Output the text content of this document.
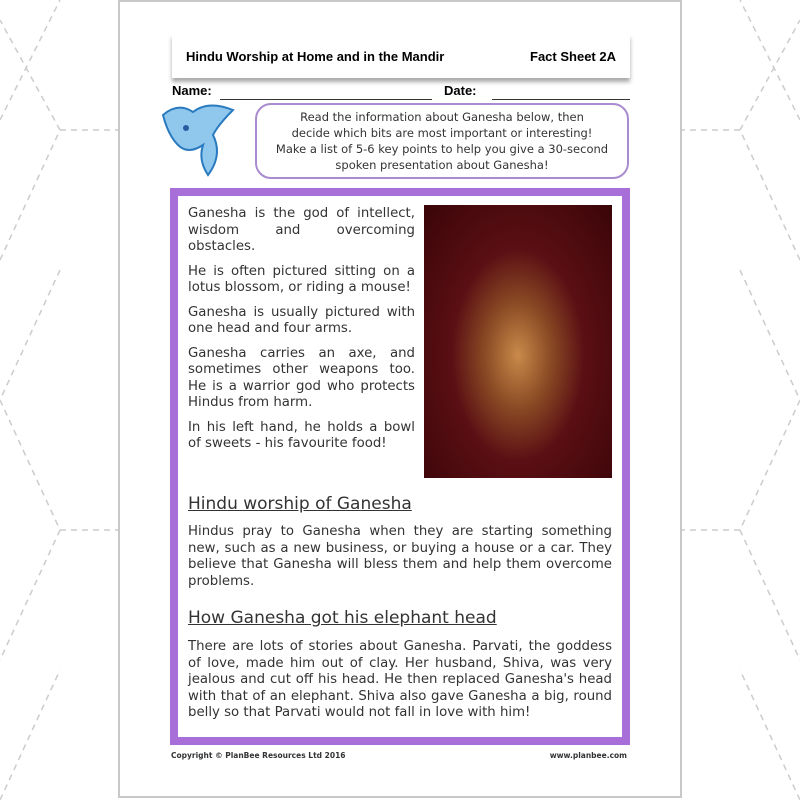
Hindu Worship at Home and in the Mandir	Fact Sheet 2A
Name:	Date:
Read the information about Ganesha below, then
decide which bits are most important or interesting!
Make a list of 5-6 key points to help you give a 30-second
spoken presentation about Ganesha!

Ganesha is the god of intellect, wisdom and overcoming obstacles.

He is often pictured sitting on a lotus blossom, or riding a mouse!

Ganesha is usually pictured with one head and four arms.

Ganesha carries an axe, and sometimes other weapons too. He is a warrior god who protects Hindus from harm.

In his left hand, he holds a bowl of sweets - his favourite food!

Hindu worship of Ganesha
Hindus pray to Ganesha when they are starting something new, such as a new business, or buying a house or a car. They believe that Ganesha will bless them and help them overcome problems.
How Ganesha got his elephant head
There are lots of stories about Ganesha. Parvati, the goddess of love, made him out of clay. Her husband, Shiva, was very jealous and cut off his head. He then replaced Ganesha's head with that of an elephant. Shiva also gave Ganesha a big, round belly so that Parvati would not fall in love with him!
Copyright © PlanBee Resources Ltd 2016	www.planbee.com
